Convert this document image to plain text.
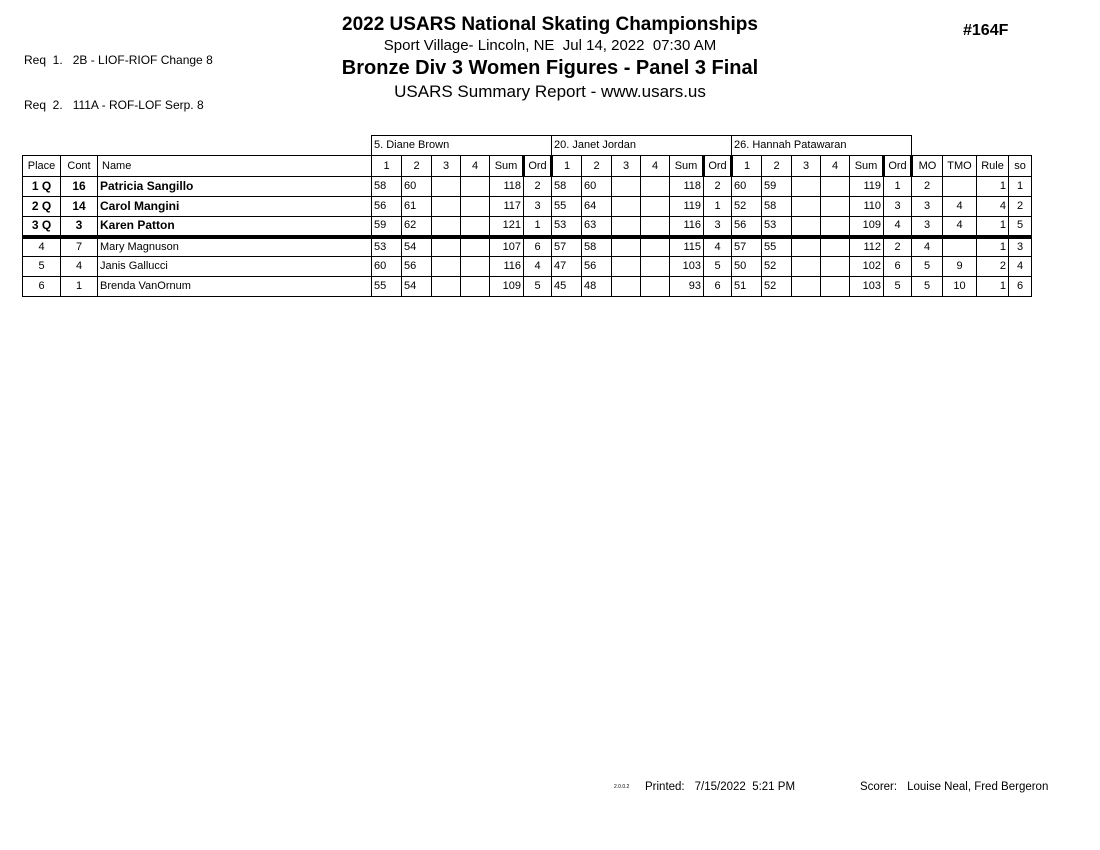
Req  1.   2B - LIOF-RIOF Change 8

Req  2.   111A - ROF-LOF Serp. 8

2022 USARS National Skating Championships
Sport Village- Lincoln, NE  Jul 14, 2022  07:30 AM
Bronze Div 3 Women Figures - Panel 3 Final
USARS Summary Report - www.usars.us
#164F
			5. Diane Brown						20. Janet Jordan						26. Hannah Patawaran									
Place	Cont	Name	1	2	3	4	Sum	Ord	1	2	3	4	Sum	Ord	1	2	3	4	Sum	Ord	MO	TMO	Rule	so
1 Q	16	Patricia Sangillo	58	60			118	2	58	60			118	2	60	59			119	1	2		1	1
2 Q	14	Carol Mangini	56	61			117	3	55	64			119	1	52	58			110	3	3	4	4	2
3 Q	3	Karen Patton	59	62			121	1	53	63			116	3	56	53			109	4	3	4	1	5
4	7	Mary Magnuson	53	54			107	6	57	58			115	4	57	55			112	2	4		1	3
5	4	Janis Gallucci	60	56			116	4	47	56			103	5	50	52			102	6	5	9	2	4
6	1	Brenda VanOrnum	55	54			109	5	45	48			93	6	51	52			103	5	5	10	1	6
2.0.0.2 Printed: 7/15/2022  5:21 PM	Scorer: Louise Neal, Fred Bergeron
